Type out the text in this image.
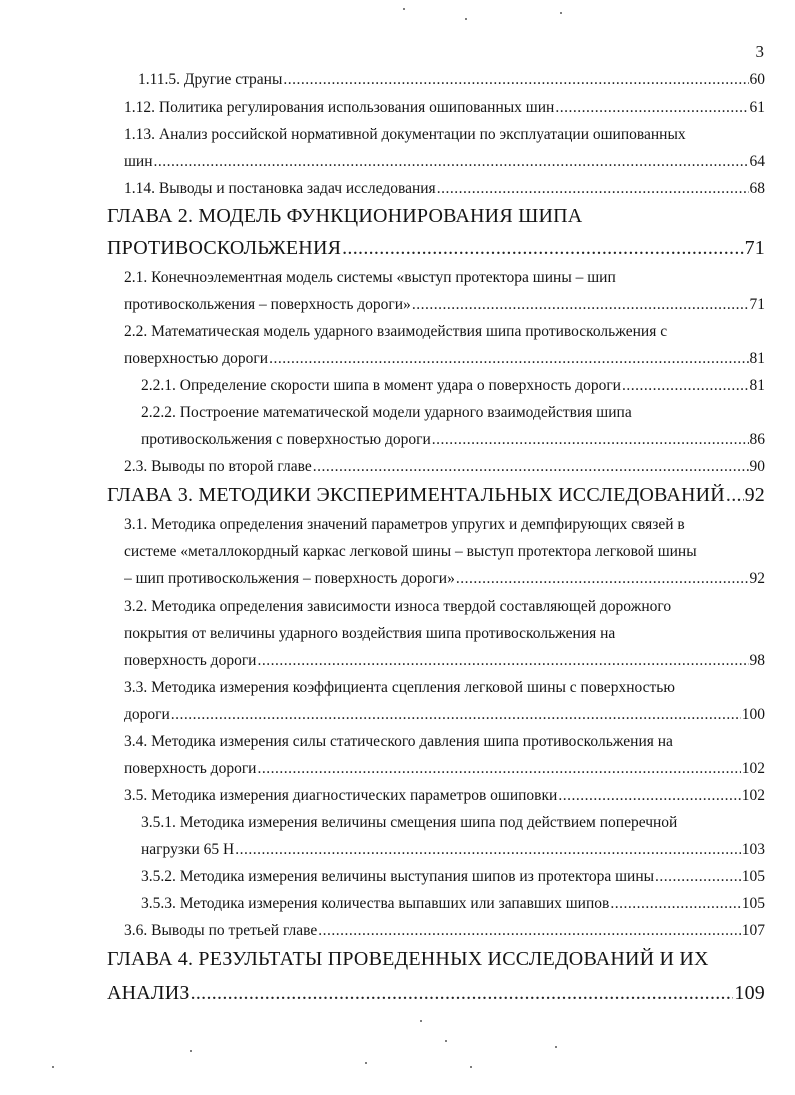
3
1.11.5. Другие страны .....	60
1.12. Политика регулирования использования ошипованных шин .....	61
1.13. Анализ российской нормативной документации по эксплуатации ошипованных
шин .....	64
1.14. Выводы и постановка задач исследования .....	68
ГЛАВА 2. МОДЕЛЬ ФУНКЦИОНИРОВАНИЯ ШИПА
ПРОТИВОСКОЛЬЖЕНИЯ .....	71
2.1. Конечноэлементная модель системы «выступ протектора шины – шип
противоскольжения – поверхность дороги» .....	71
2.2. Математическая модель ударного взаимодействия шипа противоскольжения с
поверхностью дороги .....	81
2.2.1. Определение скорости шипа в момент удара о поверхность дороги .....	81
2.2.2. Построение математической модели ударного взаимодействия шипа
противоскольжения с поверхностью дороги .....	86
2.3. Выводы по второй главе .....	90
ГЛАВА 3. МЕТОДИКИ ЭКСПЕРИМЕНТАЛЬНЫХ ИССЛЕДОВАНИЙ ..... 92
3.1. Методика определения значений параметров упругих и демпфирующих связей в
системе «металлокордный каркас легковой шины – выступ протектора легковой шины
– шип противоскольжения – поверхность дороги» .....	92
3.2. Методика определения зависимости износа твердой составляющей дорожного
покрытия от величины ударного воздействия шипа противоскольжения на
поверхность дороги .....	98
3.3. Методика измерения коэффициента сцепления легковой шины с поверхностью
дороги .....	100
3.4. Методика измерения силы статического давления шипа противоскольжения на
поверхность дороги .....	102
3.5. Методика измерения диагностических параметров ошиповки .....	102
3.5.1. Методика измерения величины смещения шипа под действием поперечной
нагрузки 65 Н .....	103
3.5.2. Методика измерения величины выступания шипов из протектора шины .....	105
3.5.3. Методика измерения количества выпавших или запавших шипов .....	105
3.6. Выводы по третьей главе .....	107
ГЛАВА 4. РЕЗУЛЬТАТЫ ПРОВЕДЕННЫХ ИССЛЕДОВАНИЙ И ИХ
АНАЛИЗ .....	109
